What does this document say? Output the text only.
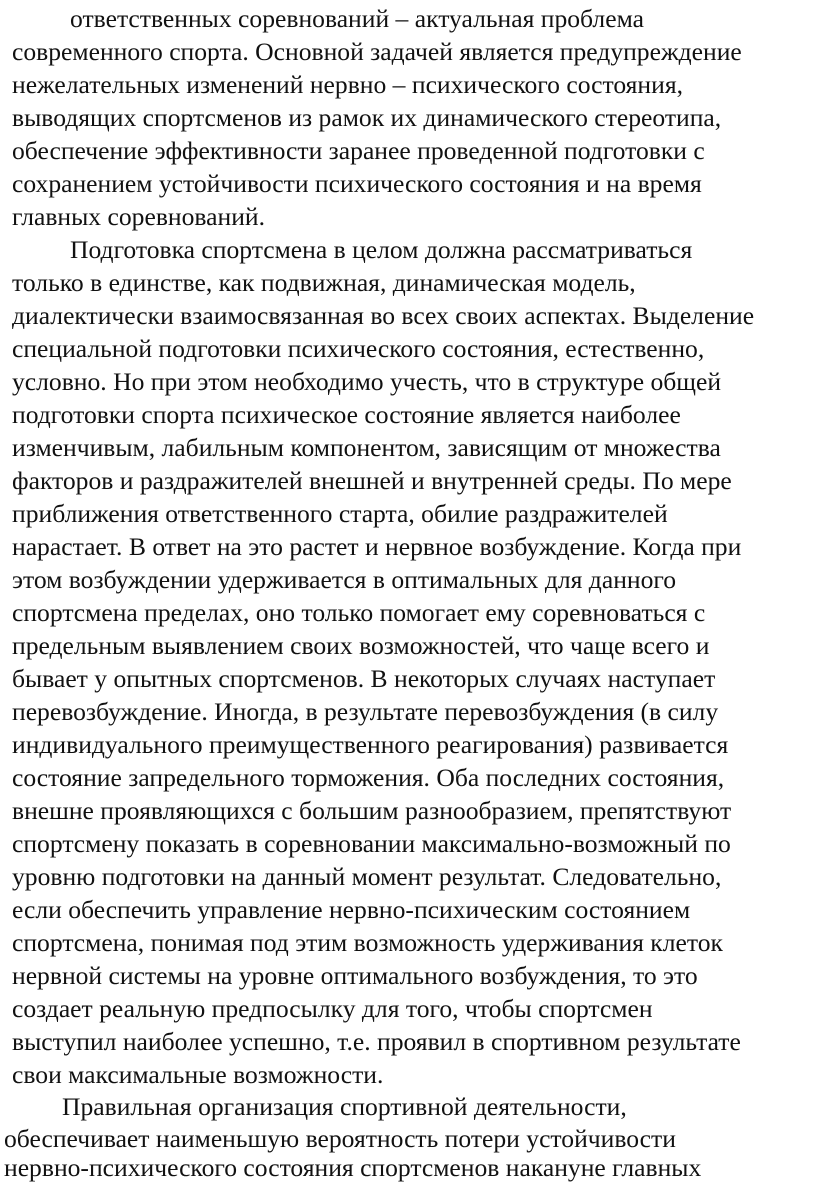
ответственных соревнований – актуальная проблема
современного спорта. Основной задачей является предупреждение
нежелательных изменений нервно – психического состояния,
выводящих спортсменов из рамок их динамического стереотипа,
обеспечение эффективности заранее проведенной подготовки с
сохранением устойчивости психического состояния и на время
главных соревнований.
Подготовка спортсмена в целом должна рассматриваться
только в единстве, как подвижная, динамическая модель,
диалектически взаимосвязанная во всех своих аспектах. Выделение
специальной подготовки психического состояния, естественно,
условно. Но при этом необходимо учесть, что в структуре общей
подготовки спорта психическое состояние является наиболее
изменчивым, лабильным компонентом, зависящим от множества
факторов и раздражителей внешней и внутренней среды. По мере
приближения ответственного старта, обилие раздражителей
нарастает. В ответ на это растет и нервное возбуждение. Когда при
этом возбуждении удерживается в оптимальных для данного
спортсмена пределах, оно только помогает ему соревноваться с
предельным выявлением своих возможностей, что чаще всего и
бывает у опытных спортсменов. В некоторых случаях наступает
перевозбуждение. Иногда, в результате перевозбуждения (в силу
индивидуального преимущественного реагирования) развивается
состояние запредельного торможения. Оба последних состояния,
внешне проявляющихся с большим разнообразием, препятствуют
спортсмену показать в соревновании максимально-возможный по
уровню подготовки на данный момент результат. Следовательно,
если обеспечить управление нервно-психическим состоянием
спортсмена, понимая под этим возможность удерживания клеток
нервной системы на уровне оптимального возбуждения, то это
создает реальную предпосылку для того, чтобы спортсмен
выступил наиболее успешно, т.е. проявил в спортивном результате
свои максимальные возможности.
Правильная организация спортивной деятельности,
обеспечивает наименьшую вероятность потери устойчивости
нервно-психического состояния спортсменов накануне главных
